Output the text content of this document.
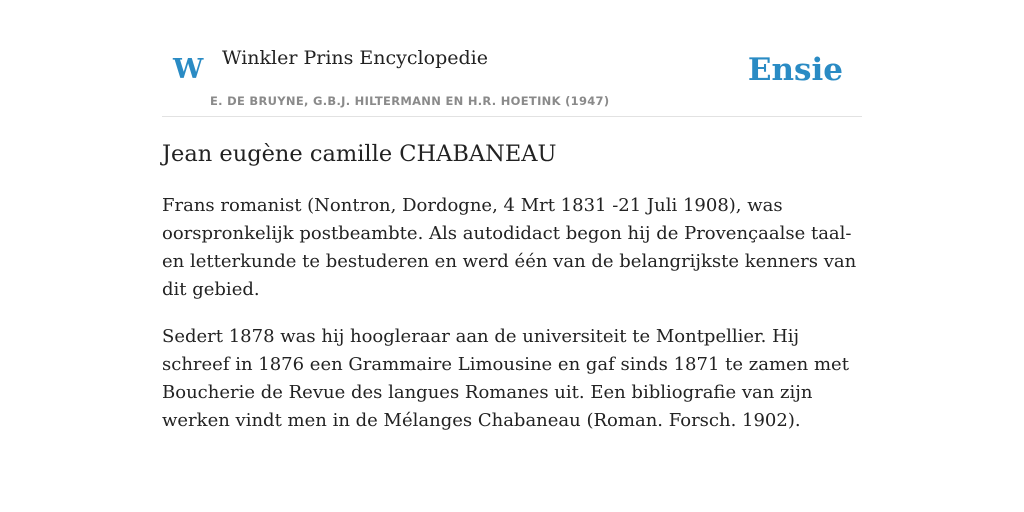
W Winkler Prins Encyclopedie
E. DE BRUYNE, G.B.J. HILTERMANN EN H.R. HOETINK (1947)
Ensie
Jean eugène camille CHABANEAU

Frans romanist (Nontron, Dordogne, 4 Mrt 1831 -21 Juli 1908), was oorspronkelijk postbeambte. Als autodidact begon hij de Provençaalse taal- en letterkunde te bestuderen en werd één van de belangrijkste kenners van dit gebied.

Sedert 1878 was hij hoogleraar aan de universiteit te Montpellier. Hij schreef in 1876 een Grammaire Limousine en gaf sinds 1871 te zamen met Boucherie de Revue des langues Romanes uit. Een bibliografie van zijn werken vindt men in de Mélanges Chabaneau (Roman. Forsch. 1902).
